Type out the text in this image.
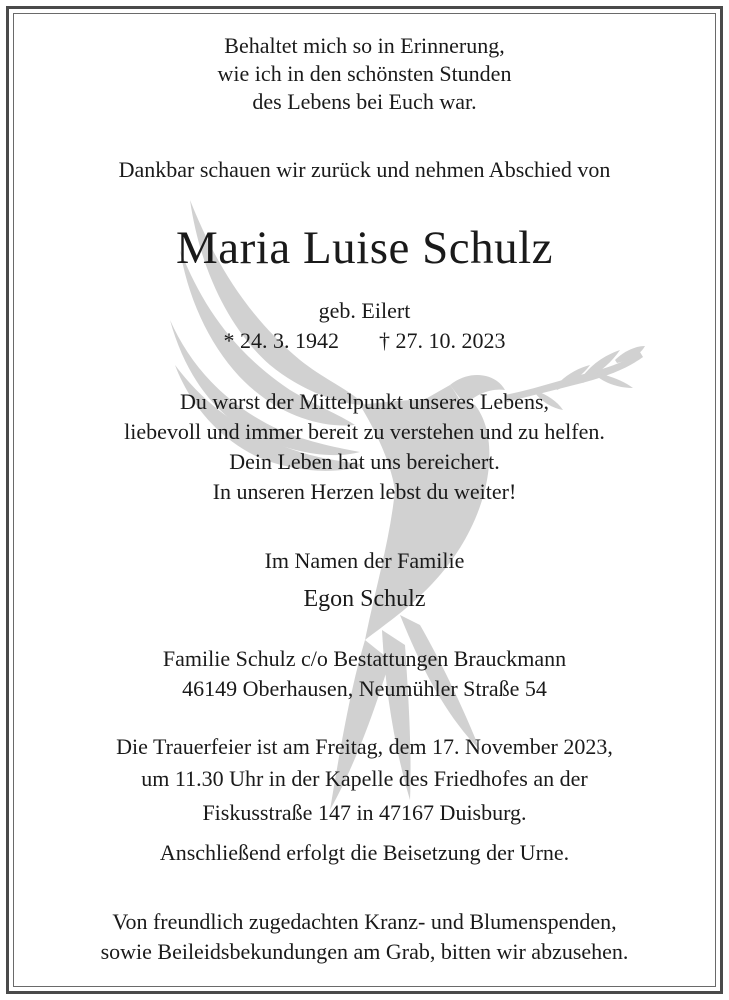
Behaltet mich so in Erinnerung,
wie ich in den schönsten Stunden
des Lebens bei Euch war.
Dankbar schauen wir zurück und nehmen Abschied von
Maria Luise Schulz
geb. Eilert
* 24. 3. 1942 † 27. 10. 2023
Du warst der Mittelpunkt unseres Lebens,
liebevoll und immer bereit zu verstehen und zu helfen.
Dein Leben hat uns bereichert.
In unseren Herzen lebst du weiter!
Im Namen der Familie
Egon Schulz
Familie Schulz c/o Bestattungen Brauckmann
46149 Oberhausen, Neumühler Straße 54
Die Trauerfeier ist am Freitag, dem 17. November 2023,
um 11.30 Uhr in der Kapelle des Friedhofes an der
Fiskusstraße 147 in 47167 Duisburg.
Anschließend erfolgt die Beisetzung der Urne.
Von freundlich zugedachten Kranz- und Blumenspenden,
sowie Beileidsbekundungen am Grab, bitten wir abzusehen.
